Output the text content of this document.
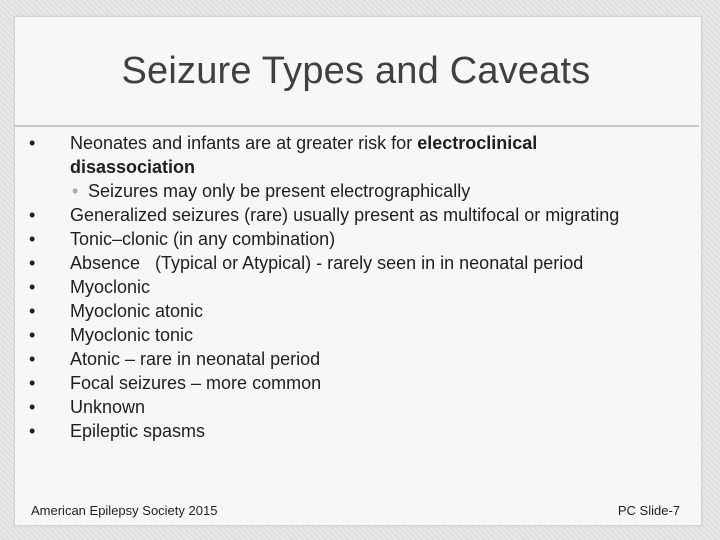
Seizure Types and Caveats
• Neonates and infants are at greater risk for electroclinical disassociation
• Seizures may only be present electrographically
• Generalized seizures (rare) usually present as multifocal or migrating
• Tonic–clonic (in any combination)
• Absence   (Typical or Atypical) - rarely seen in in neonatal period
• Myoclonic
• Myoclonic atonic
• Myoclonic tonic
• Atonic – rare in neonatal period
• Focal seizures – more common
• Unknown
• Epileptic spasms
American Epilepsy Society 2015	PC Slide-7
